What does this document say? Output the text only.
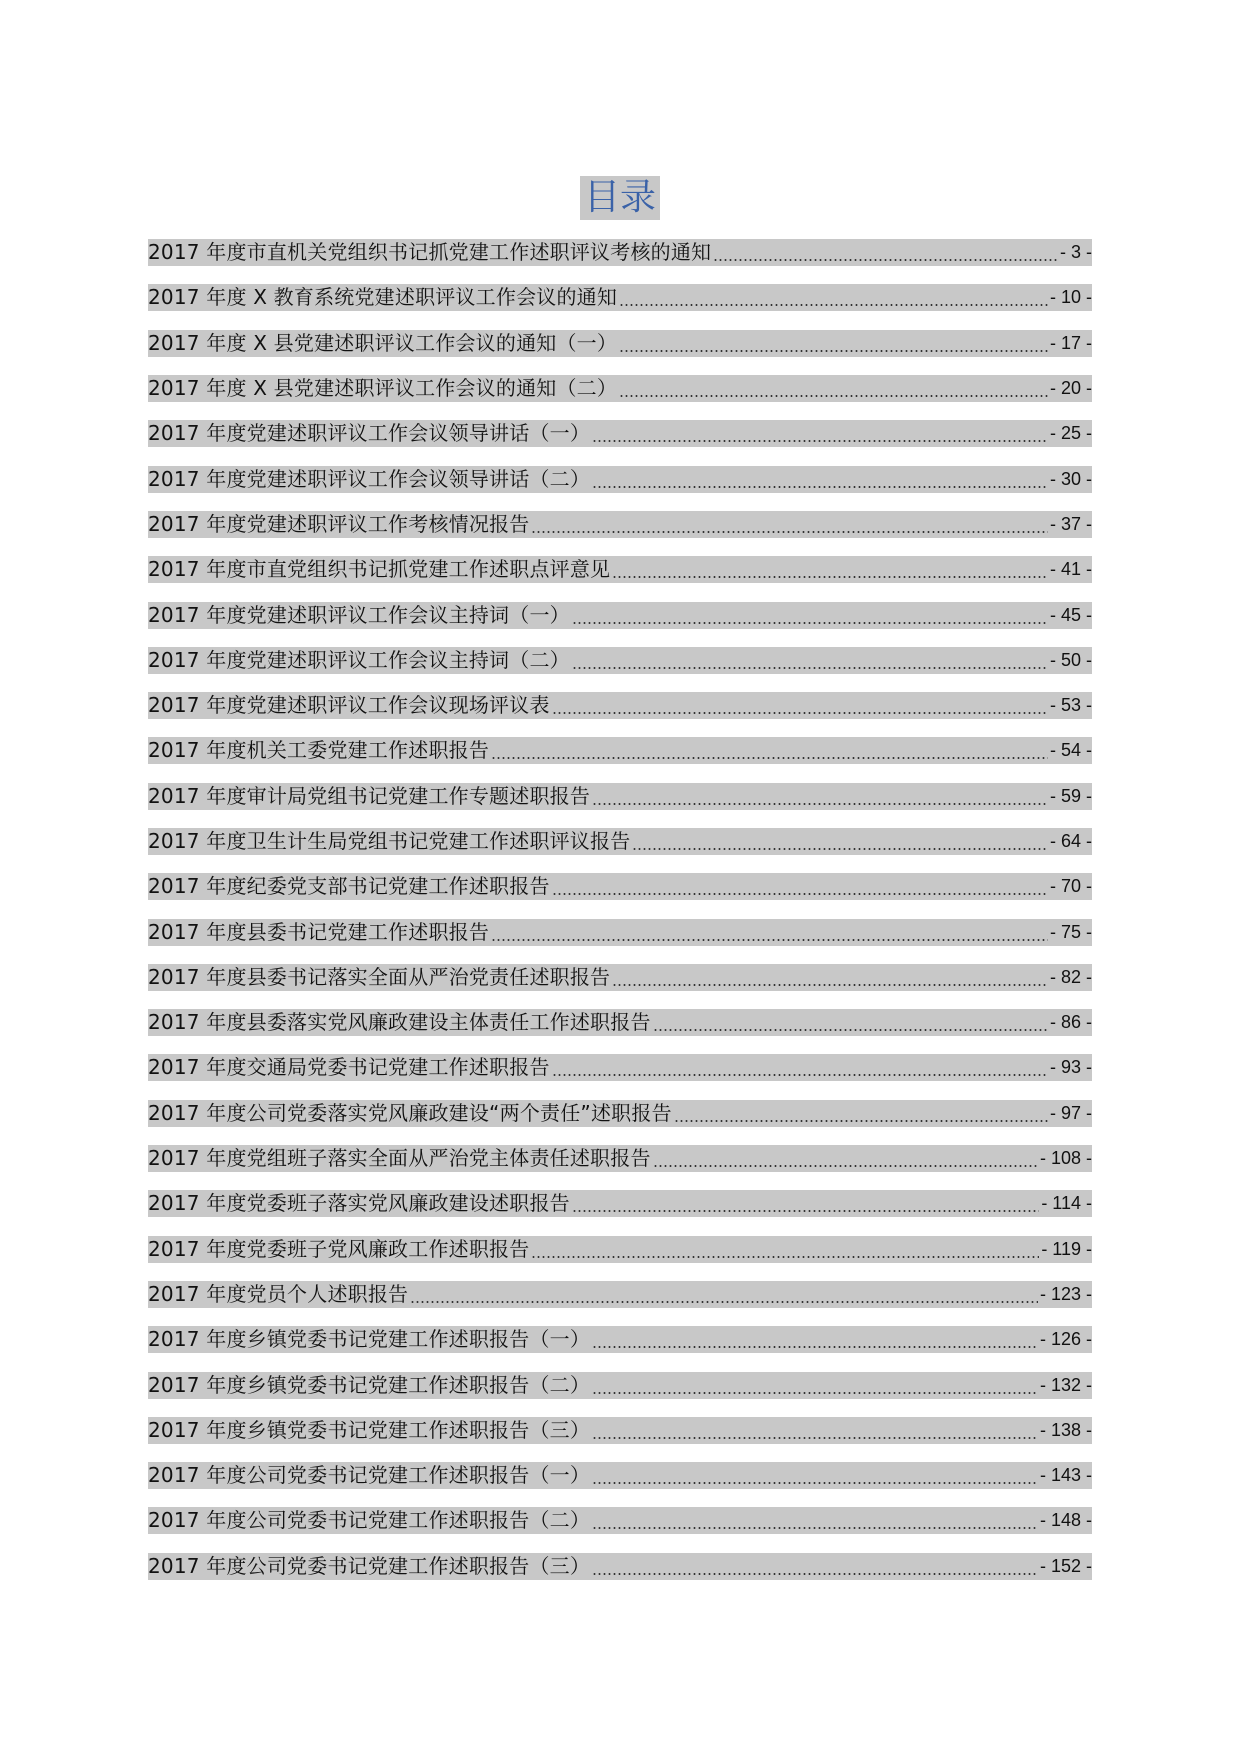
目录
2017 年度市直机关党组织书记抓党建工作述职评议考核的通知	- 3 -
2017 年度 X 教育系统党建述职评议工作会议的通知	- 10 -
2017 年度 X 县党建述职评议工作会议的通知（一）	- 17 -
2017 年度 X 县党建述职评议工作会议的通知（二）	- 20 -
2017 年度党建述职评议工作会议领导讲话（一）	- 25 -
2017 年度党建述职评议工作会议领导讲话（二）	- 30 -
2017 年度党建述职评议工作考核情况报告	- 37 -
2017 年度市直党组织书记抓党建工作述职点评意见	- 41 -
2017 年度党建述职评议工作会议主持词（一）	- 45 -
2017 年度党建述职评议工作会议主持词（二）	- 50 -
2017 年度党建述职评议工作会议现场评议表	- 53 -
2017 年度机关工委党建工作述职报告	- 54 -
2017 年度审计局党组书记党建工作专题述职报告	- 59 -
2017 年度卫生计生局党组书记党建工作述职评议报告	- 64 -
2017 年度纪委党支部书记党建工作述职报告	- 70 -
2017 年度县委书记党建工作述职报告	- 75 -
2017 年度县委书记落实全面从严治党责任述职报告	- 82 -
2017 年度县委落实党风廉政建设主体责任工作述职报告	- 86 -
2017 年度交通局党委书记党建工作述职报告	- 93 -
2017 年度公司党委落实党风廉政建设“两个责任”述职报告	- 97 -
2017 年度党组班子落实全面从严治党主体责任述职报告	- 108 -
2017 年度党委班子落实党风廉政建设述职报告	- 114 -
2017 年度党委班子党风廉政工作述职报告	- 119 -
2017 年度党员个人述职报告	- 123 -
2017 年度乡镇党委书记党建工作述职报告（一）	- 126 -
2017 年度乡镇党委书记党建工作述职报告（二）	- 132 -
2017 年度乡镇党委书记党建工作述职报告（三）	- 138 -
2017 年度公司党委书记党建工作述职报告（一）	- 143 -
2017 年度公司党委书记党建工作述职报告（二）	- 148 -
2017 年度公司党委书记党建工作述职报告（三）	- 152 -
